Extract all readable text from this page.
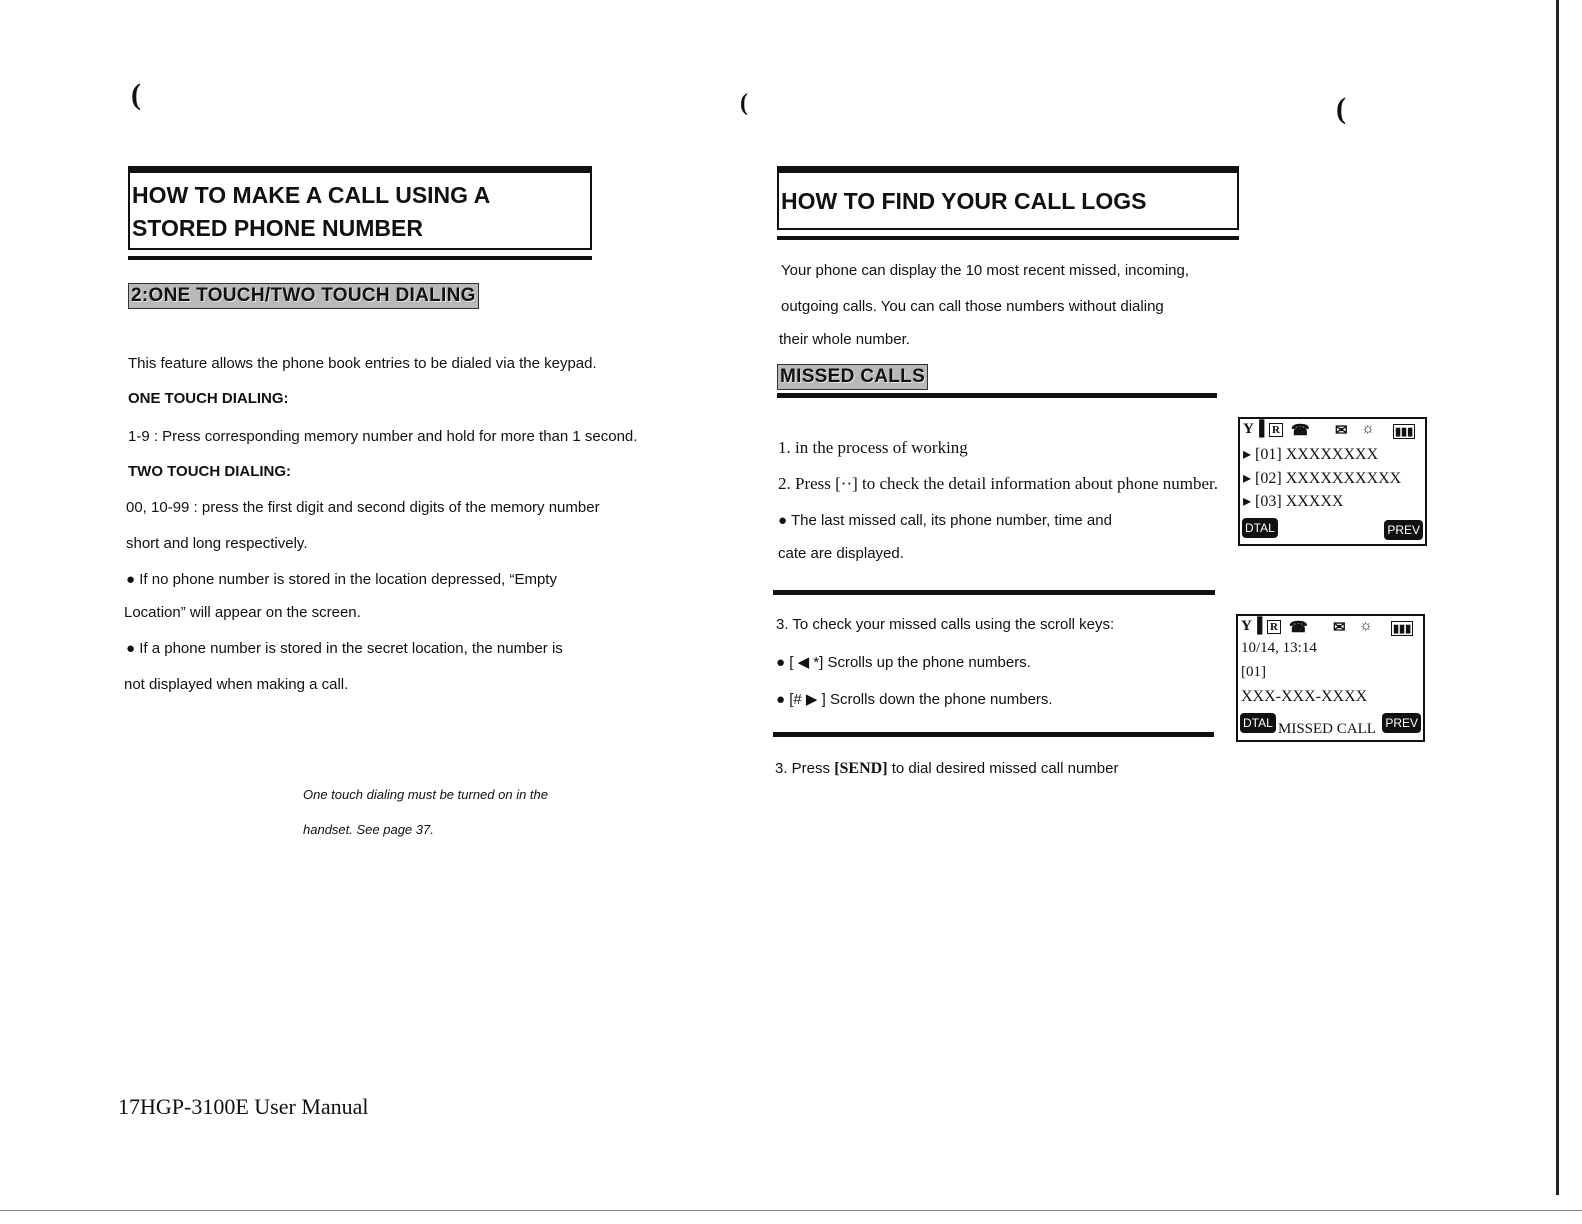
(	(	(
HOW TO MAKE A CALL USING A
STORED PHONE NUMBER
2:ONE TOUCH/TWO TOUCH DIALING
This feature allows the phone book entries to be dialed via the keypad.
ONE TOUCH DIALING:
1-9 : Press corresponding memory number and hold for more than 1 second.
TWO TOUCH DIALING:
00, 10-99 : press the first digit and second digits of the memory number
short and long respectively.
● If no phone number is stored in the location depressed, “Empty
Location” will appear on the screen.
● If a phone number is stored in the secret location, the number is
not displayed when making a call.
One touch dialing must be turned on in the
handset. See page 37.
HOW TO FIND YOUR CALL LOGS
Your phone can display the 10 most recent missed, incoming,
outgoing calls. You can call those numbers without dialing
their whole number.
MISSED CALLS
1. in the process of working
2. Press [··] to check the detail information about phone number.
● The last missed call, its phone number, time and
cate are displayed.
3. To check your missed calls using the scroll keys:
● [ ◀ *] Scrolls up the phone numbers.
● [# ▶ ] Scrolls down the phone numbers.
3. Press [SEND] to dial desired missed call number
Y▐ R ☎ ✉ ☼ ▮▮▮
▸ [01] XXXXXXXX
▸ [02] XXXXXXXXXX
▸ [03] XXXXX
DTAL	PREV
Y▐ R ☎ ✉ ☼ ▮▮▮
10/14, 13:14
[01]
XXX-XXX-XXXX
DTAL MISSED CALL PREV
17HGP-3100E User Manual
